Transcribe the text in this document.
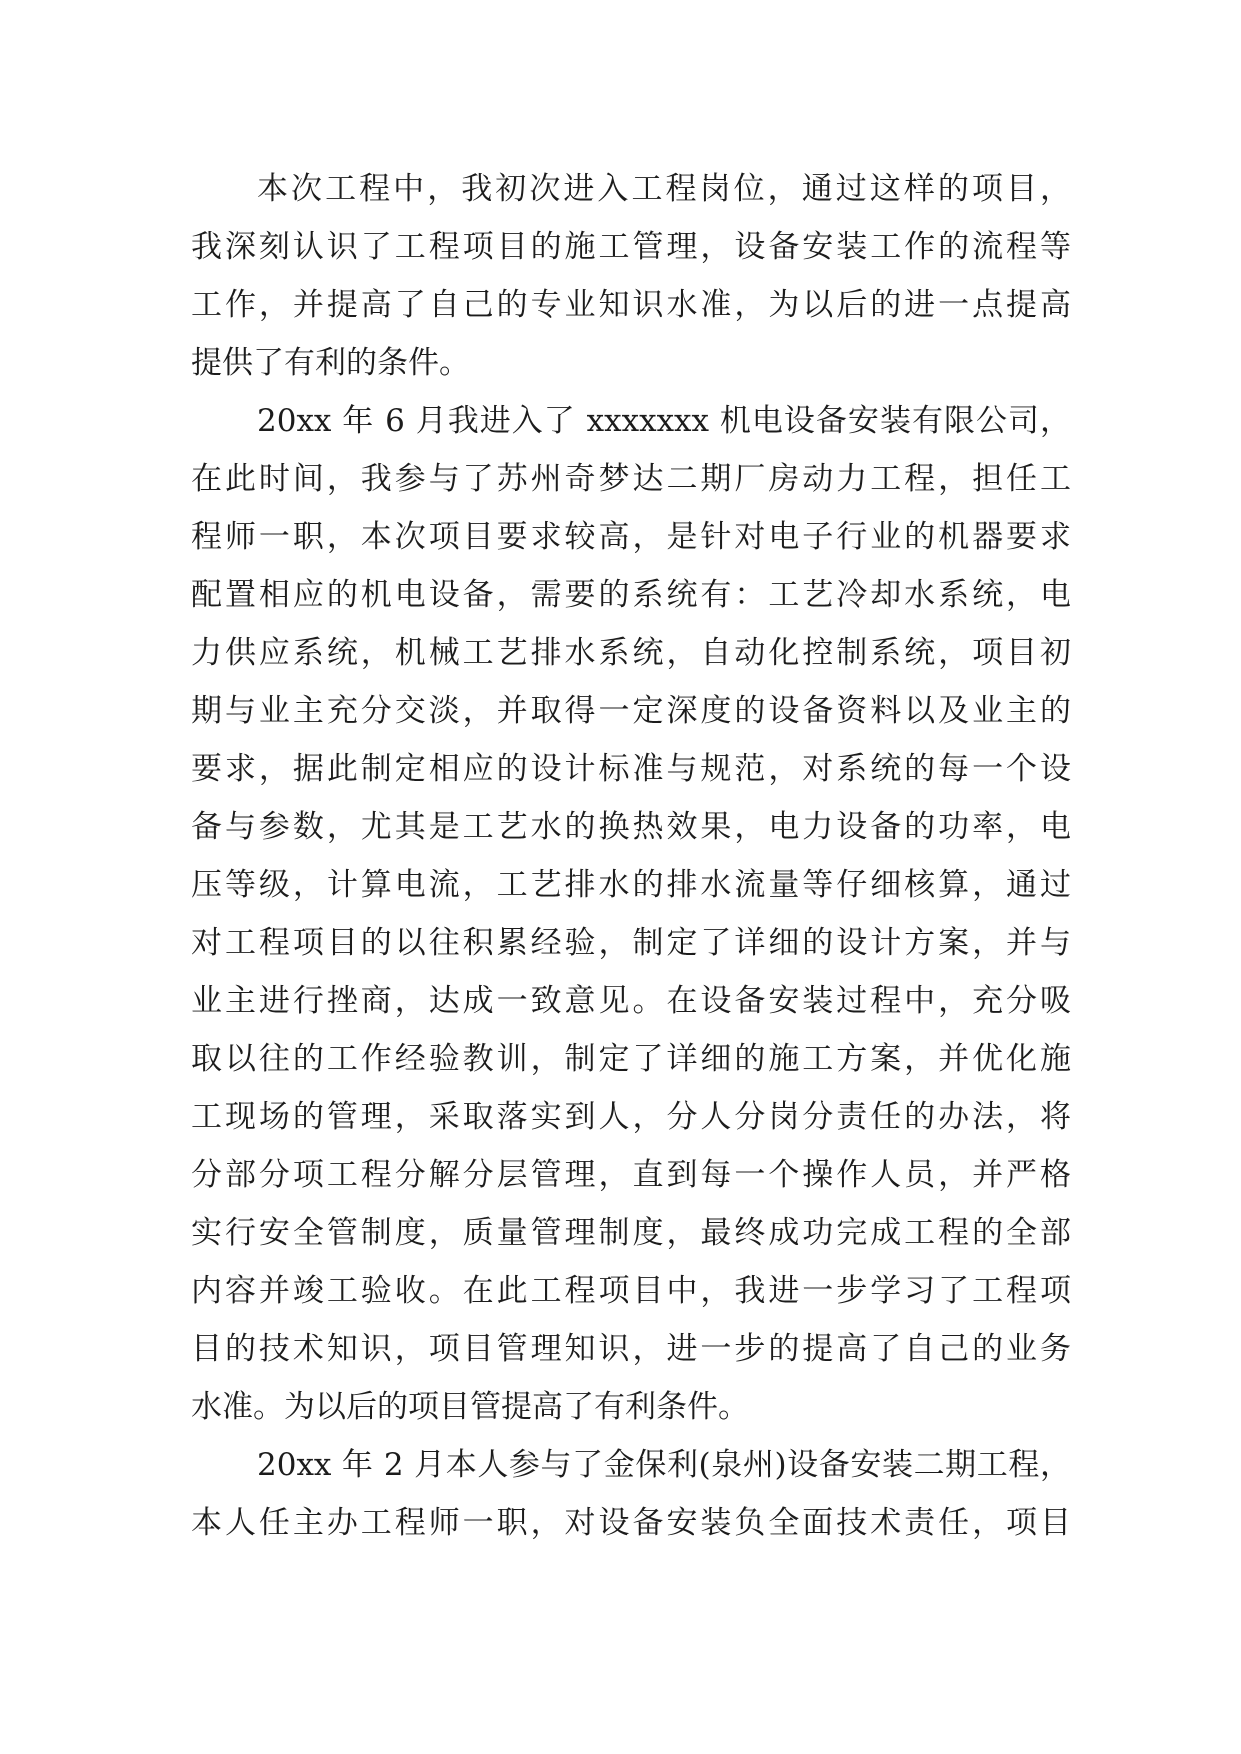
本次工程中，我初次进入工程岗位，通过这样的项目，
我深刻认识了工程项目的施工管理，设备安装工作的流程等
工作，并提高了自己的专业知识水准，为以后的进一点提高
提供了有利的条件。
20xx 年 6 月我进入了 xxxxxxx 机电设备安装有限公司，
在此时间，我参与了苏州奇梦达二期厂房动力工程，担任工
程师一职，本次项目要求较高，是针对电子行业的机器要求
配置相应的机电设备，需要的系统有：工艺冷却水系统，电
力供应系统，机械工艺排水系统，自动化控制系统，项目初
期与业主充分交淡，并取得一定深度的设备资料以及业主的
要求，据此制定相应的设计标准与规范，对系统的每一个设
备与参数，尤其是工艺水的换热效果，电力设备的功率，电
压等级，计算电流，工艺排水的排水流量等仔细核算，通过
对工程项目的以往积累经验，制定了详细的设计方案，并与
业主进行挫商，达成一致意见。在设备安装过程中，充分吸
取以往的工作经验教训，制定了详细的施工方案，并优化施
工现场的管理，采取落实到人，分人分岗分责任的办法，将
分部分项工程分解分层管理，直到每一个操作人员，并严格
实行安全管制度，质量管理制度，最终成功完成工程的全部
内容并竣工验收。在此工程项目中，我进一步学习了工程项
目的技术知识，项目管理知识，进一步的提高了自己的业务
水准。为以后的项目管提高了有利条件。
20xx 年 2 月本人参与了金保利(泉州)设备安装二期工程，
本人任主办工程师一职，对设备安装负全面技术责任，项目
